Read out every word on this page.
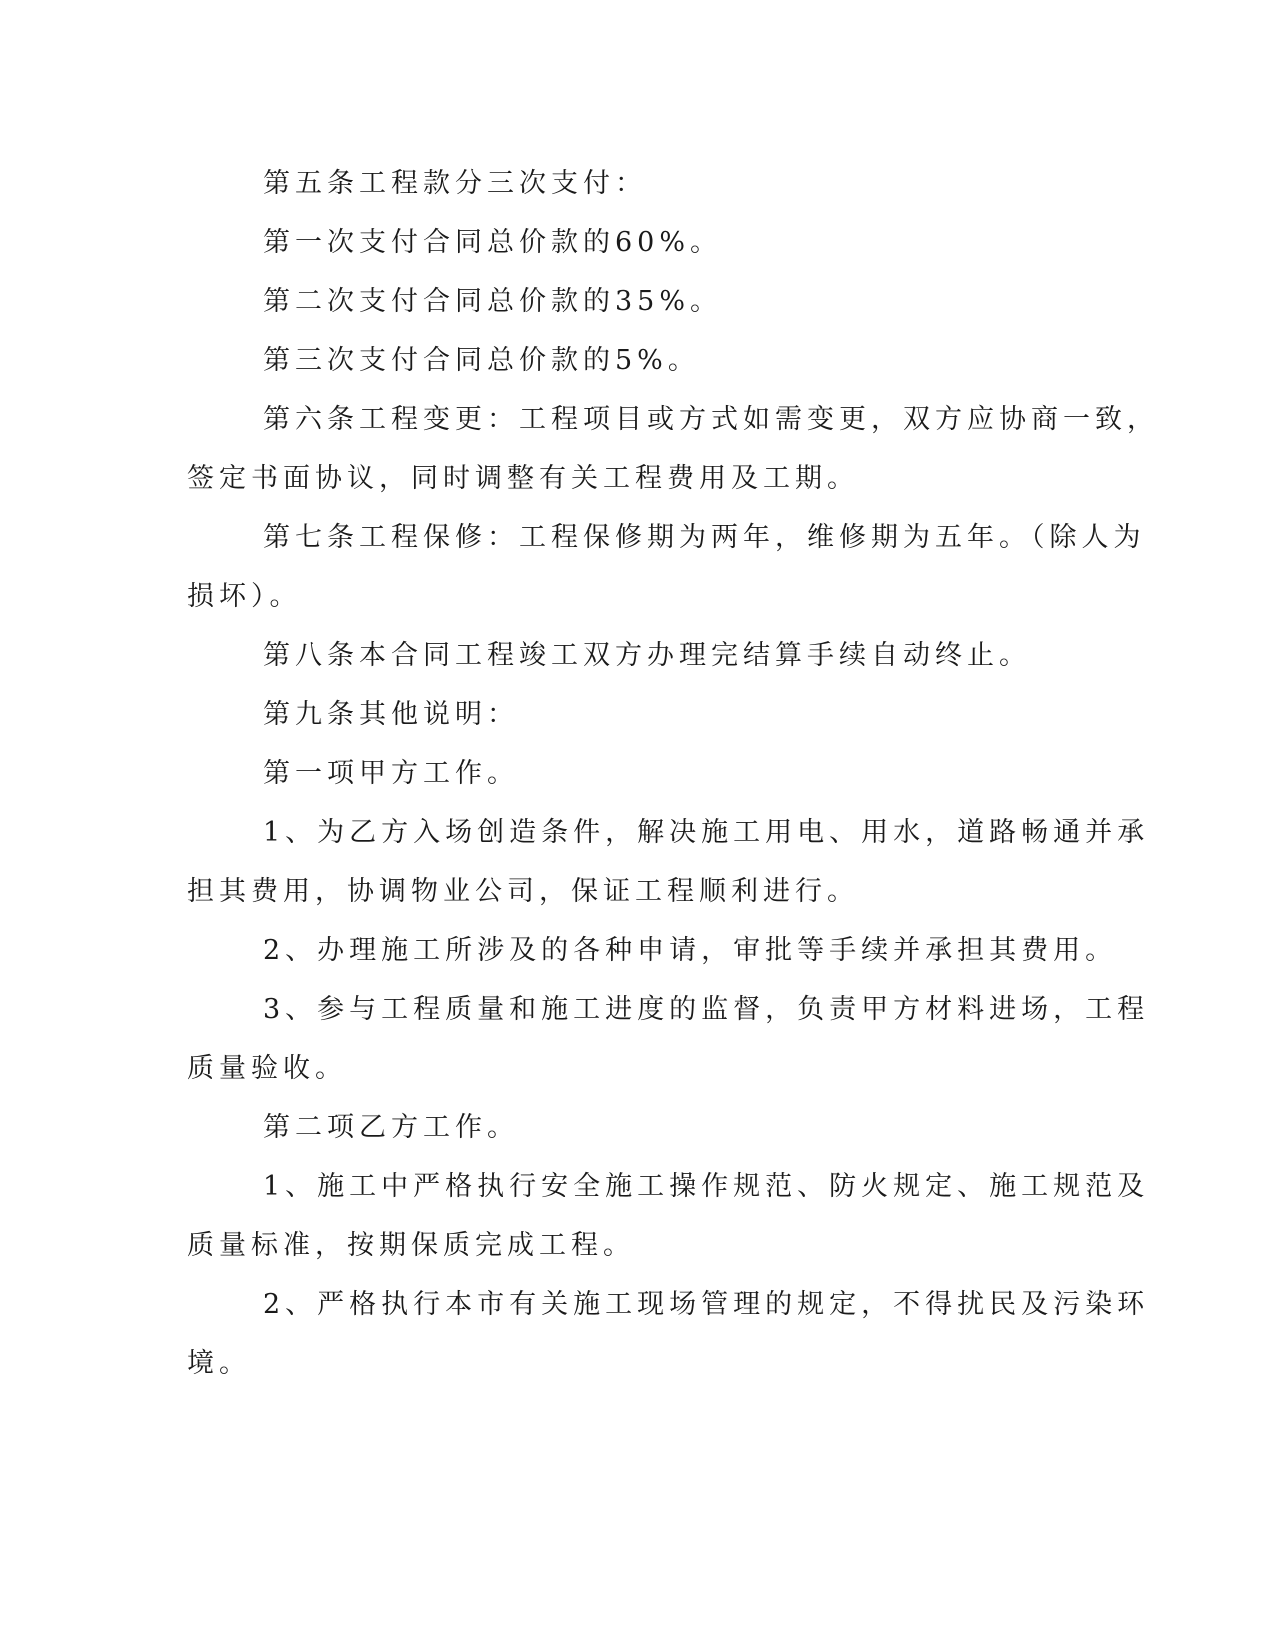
第五条工程款分三次支付：

第一次支付合同总价款的60%。

第二次支付合同总价款的35%。

第三次支付合同总价款的5%。

第六条工程变更：工程项目或方式如需变更，双方应协商一致，

签定书面协议，同时调整有关工程费用及工期。

第七条工程保修：工程保修期为两年，维修期为五年。（除人为

损坏）。

第八条本合同工程竣工双方办理完结算手续自动终止。

第九条其他说明：

第一项甲方工作。

1、为乙方入场创造条件，解决施工用电、用水，道路畅通并承

担其费用，协调物业公司，保证工程顺利进行。

2、办理施工所涉及的各种申请，审批等手续并承担其费用。

3、参与工程质量和施工进度的监督，负责甲方材料进场，工程

质量验收。

第二项乙方工作。

1、施工中严格执行安全施工操作规范、防火规定、施工规范及

质量标准，按期保质完成工程。

2、严格执行本市有关施工现场管理的规定，不得扰民及污染环

境。
